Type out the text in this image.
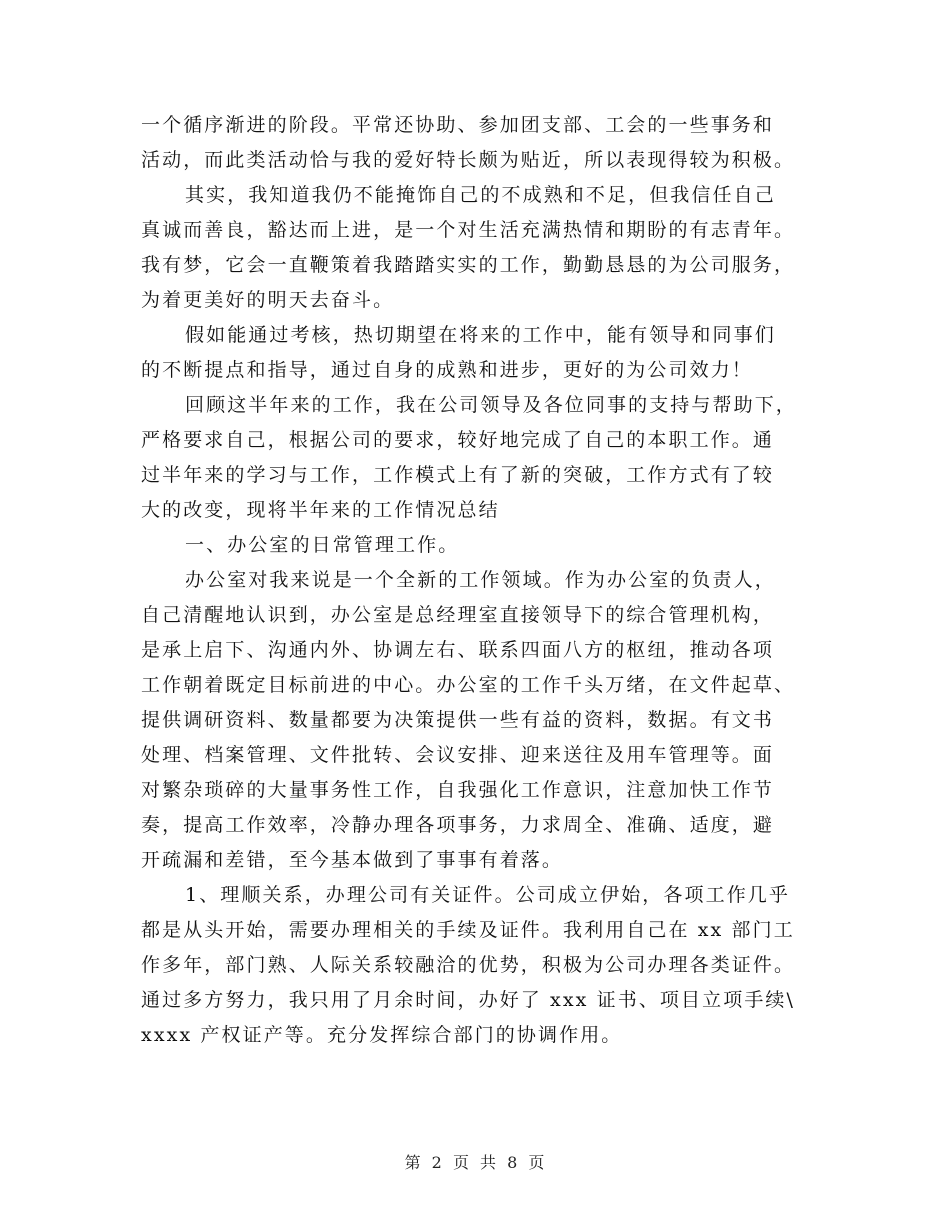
一个循序渐进的阶段。平常还协助、参加团支部、工会的一些事务和
活动，而此类活动恰与我的爱好特长颇为贴近，所以表现得较为积极。
其实，我知道我仍不能掩饰自己的不成熟和不足，但我信任自己
真诚而善良，豁达而上进，是一个对生活充满热情和期盼的有志青年。
我有梦，它会一直鞭策着我踏踏实实的工作，勤勤恳恳的为公司服务，
为着更美好的明天去奋斗。
假如能通过考核，热切期望在将来的工作中，能有领导和同事们
的不断提点和指导，通过自身的成熟和进步，更好的为公司效力！
回顾这半年来的工作，我在公司领导及各位同事的支持与帮助下，
严格要求自己，根据公司的要求，较好地完成了自己的本职工作。通
过半年来的学习与工作，工作模式上有了新的突破，工作方式有了较
大的改变，现将半年来的工作情况总结
一、办公室的日常管理工作。
办公室对我来说是一个全新的工作领域。作为办公室的负责人，
自己清醒地认识到，办公室是总经理室直接领导下的综合管理机构，
是承上启下、沟通内外、协调左右、联系四面八方的枢纽，推动各项
工作朝着既定目标前进的中心。办公室的工作千头万绪，在文件起草、
提供调研资料、数量都要为决策提供一些有益的资料，数据。有文书
处理、档案管理、文件批转、会议安排、迎来送往及用车管理等。面
对繁杂琐碎的大量事务性工作，自我强化工作意识，注意加快工作节
奏，提高工作效率，冷静办理各项事务，力求周全、准确、适度，避
开疏漏和差错，至今基本做到了事事有着落。
1、理顺关系，办理公司有关证件。公司成立伊始，各项工作几乎
都是从头开始，需要办理相关的手续及证件。我利用自己在 xx 部门工
作多年，部门熟、人际关系较融洽的优势，积极为公司办理各类证件。
通过多方努力，我只用了月余时间，办好了 xxx 证书、项目立项手续\
xxxx 产权证产等。充分发挥综合部门的协调作用。
第 2 页 共 8 页
